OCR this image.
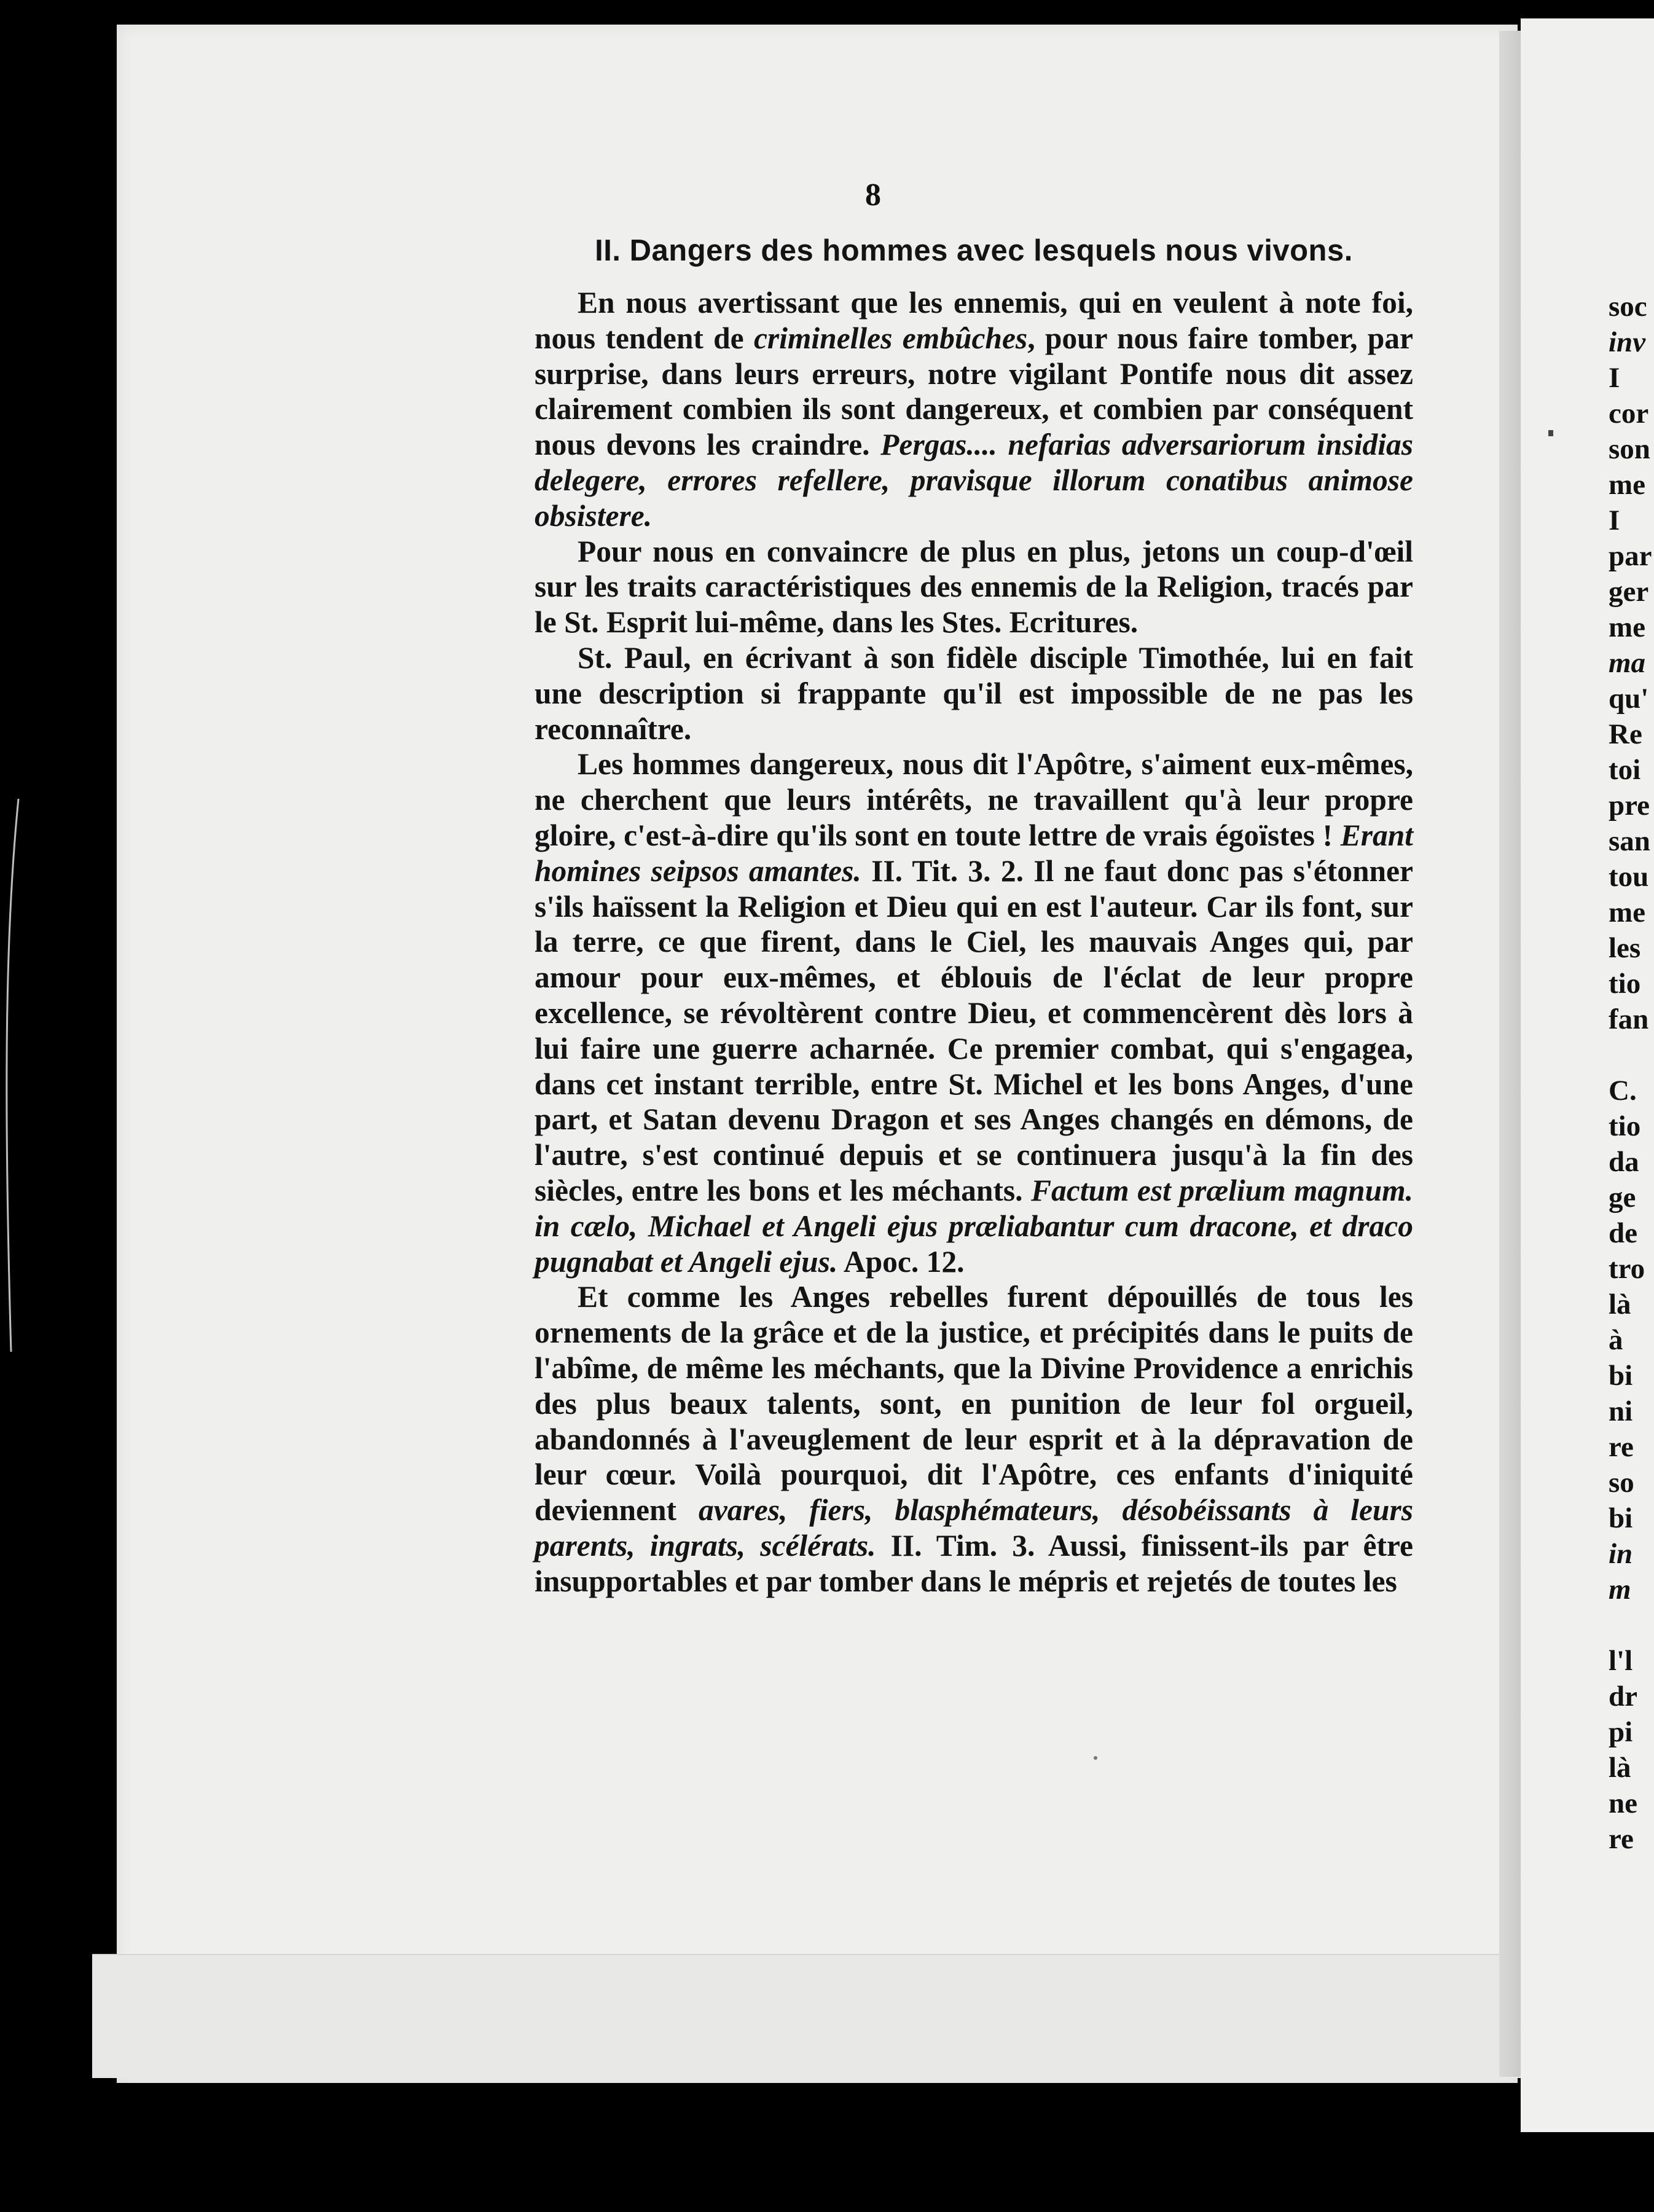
8
II. Dangers des hommes avec lesquels nous vivons.

En nous avertissant que les ennemis, qui en veulent à note foi, nous tendent de criminelles embûches, pour nous faire tomber, par surprise, dans leurs erreurs, notre vigilant Pontife nous dit assez clairement combien ils sont dangereux, et combien par conséquent nous devons les craindre. Pergas.... nefarias adversariorum insidias delegere, errores refellere, pravisque illorum conatibus animose obsistere.

Pour nous en convaincre de plus en plus, jetons un coup-d'œil sur les traits caractéristiques des ennemis de la Religion, tracés par le St. Esprit lui-même, dans les Stes. Ecritures.

St. Paul, en écrivant à son fidèle disciple Timothée, lui en fait une description si frappante qu'il est impossible de ne pas les reconnaître.

Les hommes dangereux, nous dit l'Apôtre, s'aiment eux-mêmes, ne cherchent que leurs intérêts, ne travaillent qu'à leur propre gloire, c'est-à-dire qu'ils sont en toute lettre de vrais égoïstes ! Erant homines seipsos amantes. II. Tit. 3. 2. Il ne faut donc pas s'étonner s'ils haïssent la Religion et Dieu qui en est l'auteur. Car ils font, sur la terre, ce que firent, dans le Ciel, les mauvais Anges qui, par amour pour eux-mêmes, et éblouis de l'éclat de leur propre excellence, se révoltèrent contre Dieu, et commencèrent dès lors à lui faire une guerre acharnée. Ce premier combat, qui s'engagea, dans cet instant terrible, entre St. Michel et les bons Anges, d'une part, et Satan devenu Dragon et ses Anges changés en démons, de l'autre, s'est continué depuis et se continuera jusqu'à la fin des siècles, entre les bons et les méchants. Factum est prælium magnum. in cælo, Michael et Angeli ejus præliabantur cum dracone, et draco pugnabat et Angeli ejus. Apoc. 12.

Et comme les Anges rebelles furent dépouillés de tous les ornements de la grâce et de la justice, et précipités dans le puits de l'abîme, de même les méchants, que la Divine Providence a enrichis des plus beaux talents, sont, en punition de leur fol orgueil, abandonnés à l'aveuglement de leur esprit et à la dépravation de leur cœur. Voilà pourquoi, dit l'Apôtre, ces enfants d'iniquité deviennent avares, fiers, blasphémateurs, désobéissants à leurs parents, ingrats, scélérats. II. Tim. 3. Aussi, finissent-ils par être insupportables et par tomber dans le mépris et rejetés de toutes les

soc
inv
I
cor
son
me
I
par
ger
me
ma
qu'
Re
toi
pre
san
tou
me
les
tio
fan
C.
tio
da
ge
de
tro
là
à
bi
ni
re
so
bi
in
m
l'l
dr
pi
là
ne
re
